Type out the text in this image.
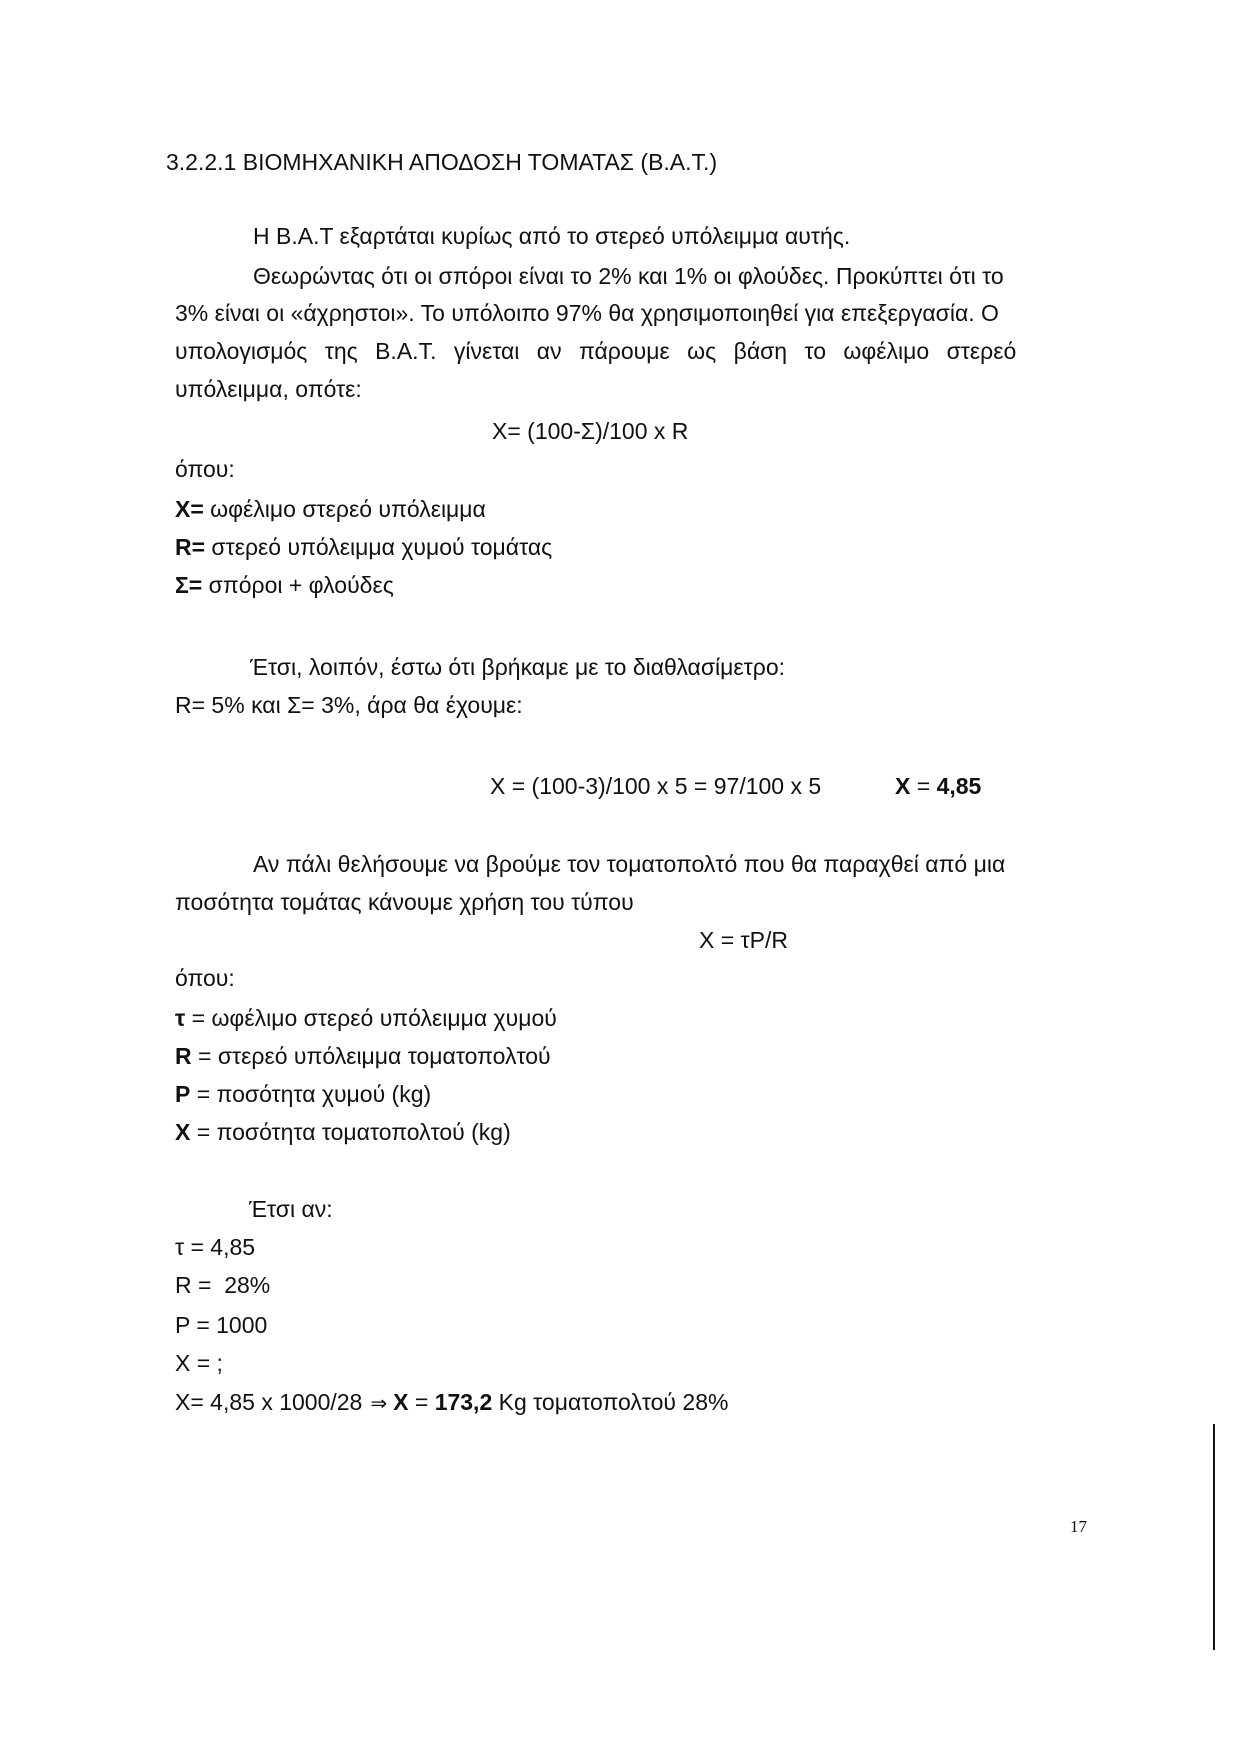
3.2.2.1 ΒΙΟΜΗΧΑΝΙΚΗ ΑΠΟΔΟΣΗ ΤΟΜΑΤΑΣ (Β.Α.Τ.)
Η Β.Α.Τ εξαρτάται κυρίως από το στερεό υπόλειμμα αυτής.
Θεωρώντας ότι οι σπόροι είναι το 2% και 1% οι φλούδες. Προκύπτει ότι το
3% είναι οι «άχρηστοι». Το υπόλοιπο 97% θα χρησιμοποιηθεί για επεξεργασία. Ο
υπολογισμός της Β.Α.Τ. γίνεται αν πάρουμε ως βάση το ωφέλιμο στερεό
υπόλειμμα, οπότε:
Χ= (100-Σ)/100 x R
όπου:
X= ωφέλιμο στερεό υπόλειμμα
R= στερεό υπόλειμμα χυμού τομάτας
Σ= σπόροι + φλούδες
Έτσι, λοιπόν, έστω ότι βρήκαμε με το διαθλασίμετρο:
R= 5% και Σ= 3%, άρα θα έχουμε:
Χ = (100-3)/100 x 5 = 97/100 x 5	X = 4,85
Αν πάλι θελήσουμε να βρούμε τον τοματοπολτό που θα παραχθεί από μια
ποσότητα τομάτας κάνουμε χρήση του τύπου
Χ = τΡ/R
όπου:
τ = ωφέλιμο στερεό υπόλειμμα χυμού
R = στερεό υπόλειμμα τοματοπολτού
P = ποσότητα χυμού (kg)
X = ποσότητα τοματοπολτού (kg)
Έτσι αν:
τ = 4,85
R =  28%
P = 1000
X = ;
Χ= 4,85 x 1000/28 ⇒ X = 173,2 Kg τοματοπολτού 28%
17
